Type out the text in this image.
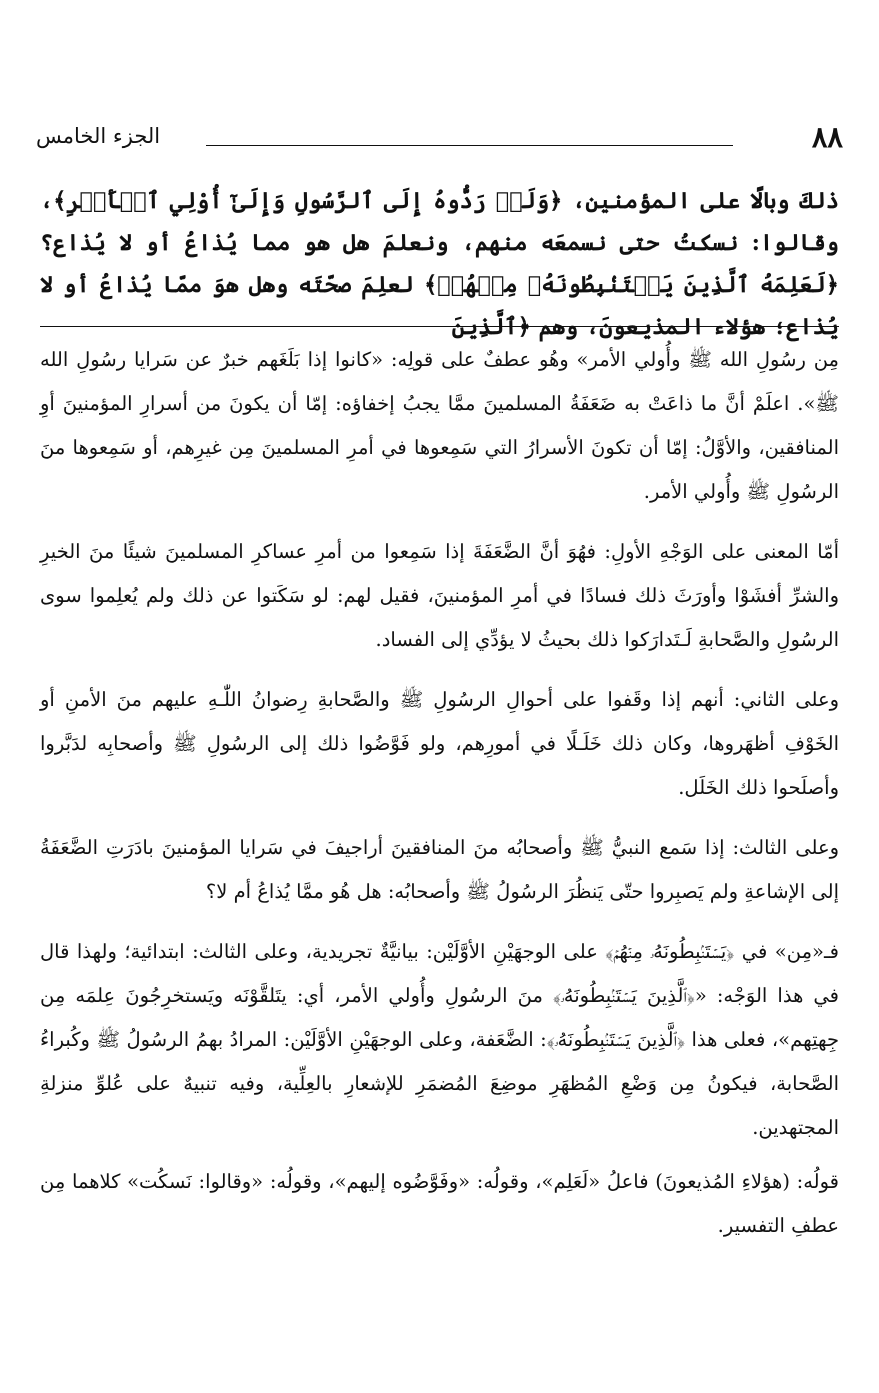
الجزء الخامس	٨٨
ذلكَ وبالًا على المؤمنين، ﴿وَلَوۡ رَدُّوهُ إِلَى ٱلرَّسُولِ وَإِلَىٰٓ أُوْلِي ٱلۡأَمۡرِ﴾، وقالوا: نسكتُ حتى نسمعَه منهم، ونعلمَ هل هو مما يُذاعُ أو لا يُذاع؟ ﴿لَعَلِمَهُ ٱلَّذِينَ يَسۡتَنۢبِطُونَهُۥ مِنۡهُمۡ﴾ لعلِمَ صحّتَه وهل هوَ ممّا يُذاعُ أو لا يُذاع؛ هؤلاء المذيعونَ، وهم ﴿ٱلَّذِينَ

مِن رسُولِ الله ﷺ وأُولي الأمر» وهُو عطفٌ على قولِه: «كانوا إذا بَلَغَهم خبرٌ عن سَرايا رسُولِ الله ﷺ». اعلَمْ أنَّ ما ذاعَتْ به ضَعَفَةُ المسلمينَ ممَّا يجبُ إخفاؤه: إمّا أن يكونَ من أسرارِ المؤمنينَ أوِ المنافقين، والأوَّلُ: إمّا أن تكونَ الأسرارُ التي سَمِعوها في أمرِ المسلمينَ مِن غيرِهم، أو سَمِعوها منَ الرسُولِ ﷺ وأُولي الأمر.

أمّا المعنى على الوَجْهِ الأولِ: فهُوَ أنَّ الضَّعَفَةَ إذا سَمِعوا من أمرِ عساكرِ المسلمينَ شيئًا منَ الخيرِ والشرِّ أفشَوْا وأورَثَ ذلك فسادًا في أمرِ المؤمنينَ، فقيل لهم: لو سَكَتوا عن ذلك ولم يُعلِموا سوى الرسُولِ والصَّحابةِ لَـتَدارَكوا ذلك بحيثُ لا يؤدِّي إلى الفساد.

وعلى الثاني: أنهم إذا وقَفوا على أحوالِ الرسُولِ ﷺ والصَّحابةِ رِضوانُ اللّٰـهِ عليهم منَ الأمنِ أو الخَوْفِ أظهَروها، وكان ذلك خَلَـلًا في أمورِهم، ولو فَوَّضُوا ذلك إلى الرسُولِ ﷺ وأصحابِه لدَبَّروا وأصلَحوا ذلك الخَلَل.

وعلى الثالث: إذا سَمع النبيُّ ﷺ وأصحابُه منَ المنافقينَ أراجيفَ في سَرايا المؤمنينَ بادَرَتِ الضَّعَفَةُ إلى الإشاعةِ ولم يَصبِروا حتّى يَنظُرَ الرسُولُ ﷺ وأصحابُه: هل هُو ممَّا يُذاعُ أم لا؟

فـ«مِن» في ﴿يَسۡتَنۢبِطُونَهُۥ مِنۡهُمۡ﴾ على الوجهَيْنِ الأوَّلَيْن: بيانيَّةٌ تجريدية، وعلى الثالث: ابتدائية؛ ولهذا قال في هذا الوَجْه: «﴿ٱلَّذِينَ يَسۡتَنۢبِطُونَهُۥ﴾ منَ الرسُولِ وأُولي الأمر، أي: يتَلقَّوْنَه ويَستخرِجُونَ عِلمَه مِن جِهتِهم»، فعلى هذا ﴿ٱلَّذِينَ يَسۡتَنۢبِطُونَهُۥ﴾: الضَّعَفة، وعلى الوجهَيْنِ الأوَّلَيْن: المرادُ بهمُ الرسُولُ ﷺ وكُبراءُ الصَّحابة، فيكونُ مِن وَضْعِ المُظهَرِ موضِعَ المُضمَرِ للإشعارِ بالعِلِّية، وفيه تنبيهٌ على عُلوِّ منزلةِ المجتهدين.

قولُه: (هؤلاءِ المُذيعونَ) فاعلُ «لَعَلِم»، وقولُه: «وفَوَّضُوه إليهم»، وقولُه: «وقالوا: نَسكُت» كلاهما مِن عطفِ التفسير.
